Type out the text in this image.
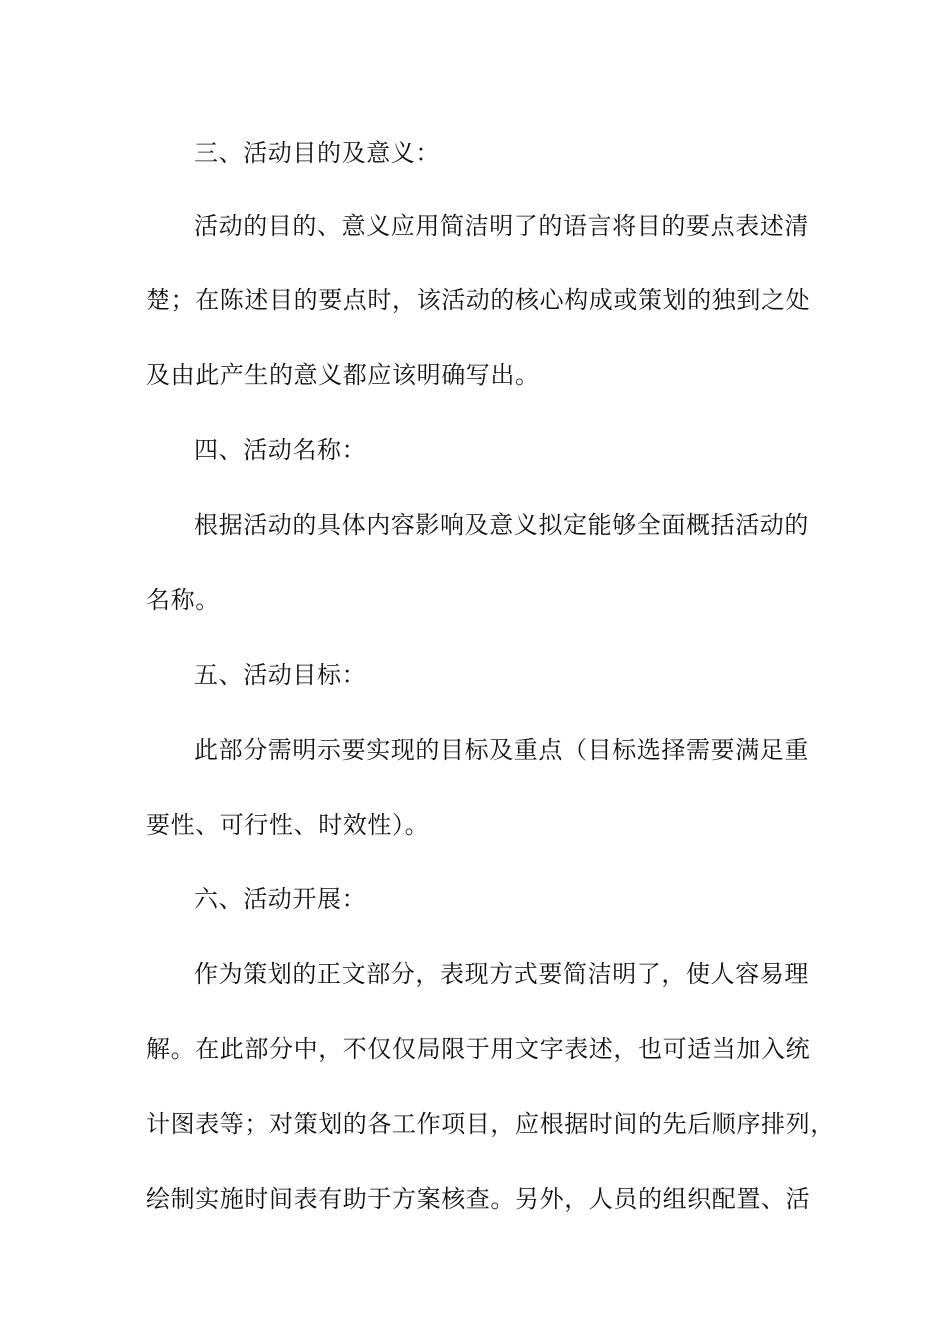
三、活动目的及意义：
活动的目的、意义应用简洁明了的语言将目的要点表述清
楚；在陈述目的要点时，该活动的核心构成或策划的独到之处
及由此产生的意义都应该明确写出。
四、活动名称：
根据活动的具体内容影响及意义拟定能够全面概括活动的
名称。
五、活动目标：
此部分需明示要实现的目标及重点（目标选择需要满足重
要性、可行性、时效性）。
六、活动开展：
作为策划的正文部分，表现方式要简洁明了，使人容易理
解。在此部分中，不仅仅局限于用文字表述，也可适当加入统
计图表等；对策划的各工作项目，应根据时间的先后顺序排列，
绘制实施时间表有助于方案核查。另外，人员的组织配置、活
